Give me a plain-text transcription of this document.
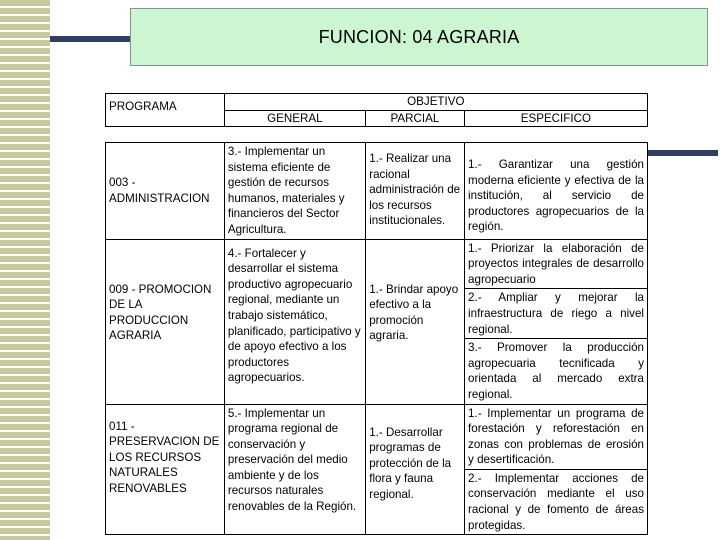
FUNCION: 04 AGRARIA
PROGRAMA	OBJETIVO		
	GENERAL	PARCIAL	ESPECIFICO
003 - ADMINISTRACION	3.- Implementar un sistema eficiente de gestión de recursos humanos, materiales y financieros del Sector Agricultura.	1.- Realizar una racional administración de los recursos institucionales.	1.- Garantizar una gestión moderna eficiente y efectiva de la institución, al servicio de productores agropecuarios de la región.
009 - PROMOCION DE LA PRODUCCION AGRARIA	4.- Fortalecer y desarrollar el sistema productivo agropecuario regional, mediante un trabajo sistemático, planificado, participativo y de apoyo efectivo a los productores agropecuarios.	1.- Brindar apoyo efectivo a la promoción agraria.	1.- Priorizar la elaboración de proyectos integrales de desarrollo agropecuario
			2.- Ampliar y mejorar la infraestructura de riego a nivel regional.
			3.- Promover la producción agropecuaria tecnificada y orientada al mercado extra regional.
011 - PRESERVACION DE LOS RECURSOS NATURALES RENOVABLES	5.- Implementar un programa regional de conservación y preservación del medio ambiente y de los recursos naturales renovables de la Región.	1.- Desarrollar programas de protección de la flora y fauna regional.	1.- Implementar un programa de forestación y reforestación en zonas con problemas de erosión y desertificación.
			2.- Implementar acciones de conservación mediante el uso racional y de fomento de áreas protegidas.
